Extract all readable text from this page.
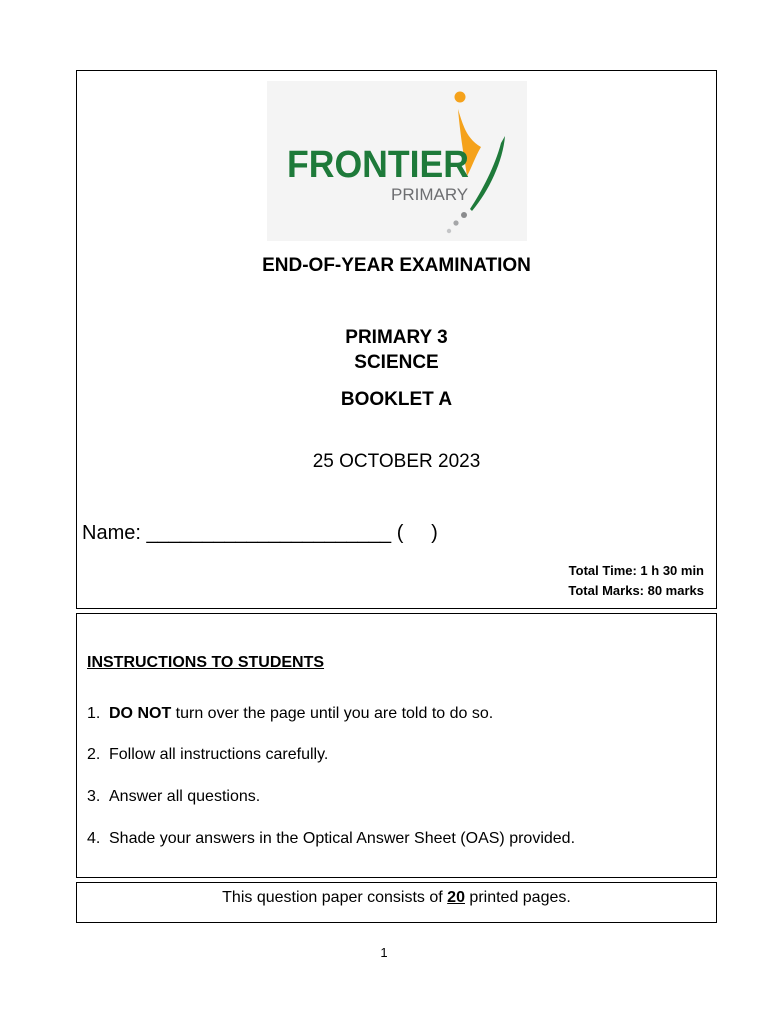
FRONTIER
PRIMARY
END-OF-YEAR EXAMINATION
PRIMARY 3
SCIENCE
BOOKLET A
25 OCTOBER 2023
Name: ______________________ (     )
Total Time: 1 h 30 min
Total Marks: 80 marks
INSTRUCTIONS TO STUDENTS
1. DO NOT turn over the page until you are told to do so.
2. Follow all instructions carefully.
3. Answer all questions.
4. Shade your answers in the Optical Answer Sheet (OAS) provided.
This question paper consists of 20 printed pages.
1
